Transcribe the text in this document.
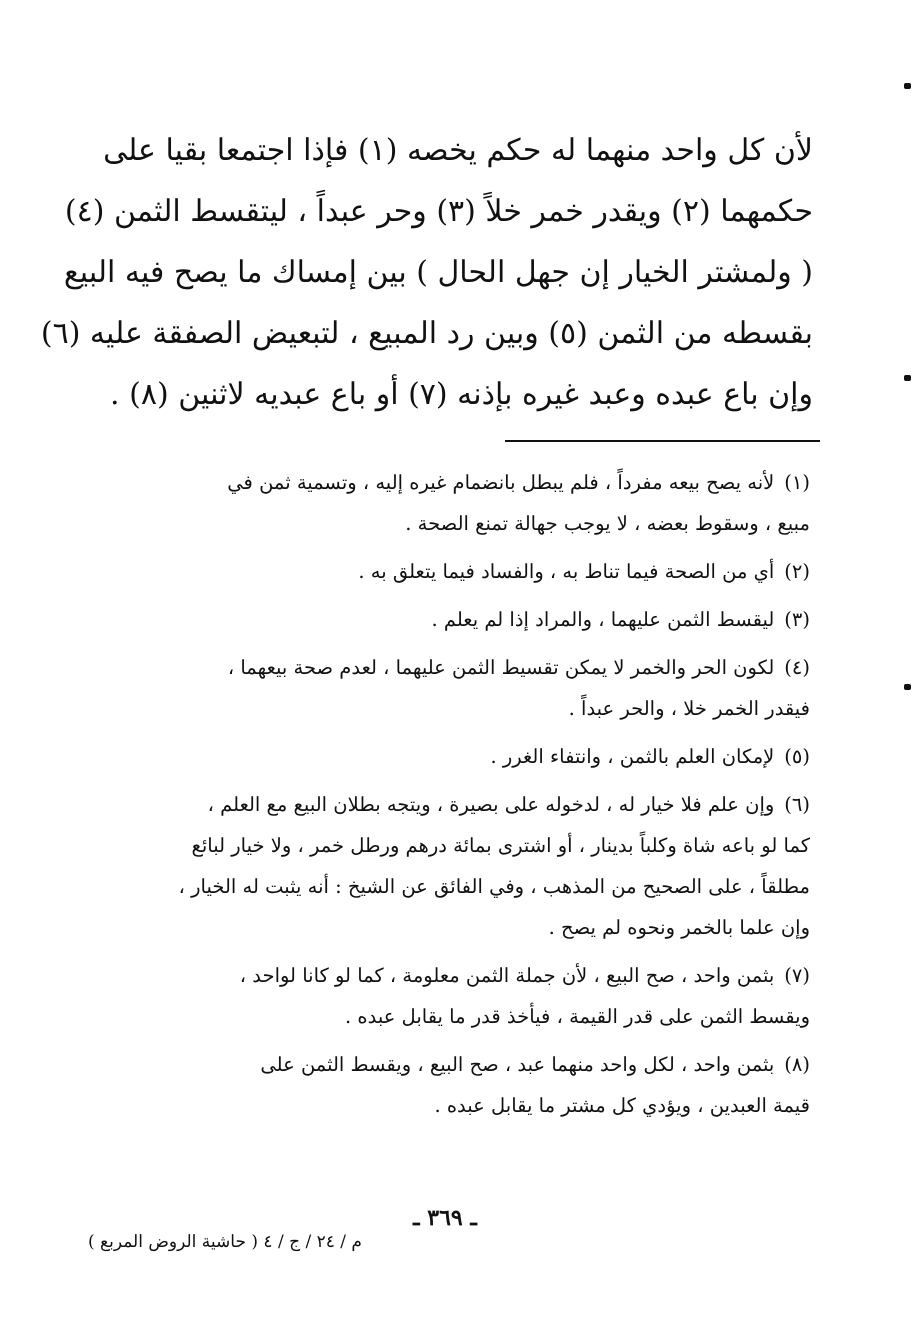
لأن كل واحد منهما له حكم يخصه (١) فإذا اجتمعا بقيا على
حكمهما (٢) ويقدر خمر خلاً (٣) وحر عبداً ، ليتقسط الثمن (٤)
( ولمشتر الخيار إن جهل الحال ) بين إمساك ما يصح فيه البيع
بقسطه من الثمن (٥) وبين رد المبيع ، لتبعيض الصفقة عليه (٦)
وإن باع عبده وعبد غيره بإذنه (٧) أو باع عبديه لاثنين (٨) .
(١)لأنه يصح بيعه مفرداً ، فلم يبطل بانضمام غيره إليه ، وتسمية ثمن في
مبيع ، وسقوط بعضه ، لا يوجب جهالة تمنع الصحة .
(٢)أي من الصحة فيما تناط به ، والفساد فيما يتعلق به .
(٣)ليقسط الثمن عليهما ، والمراد إذا لم يعلم .
(٤)لكون الحر والخمر لا يمكن تقسيط الثمن عليهما ، لعدم صحة بيعهما ،
فيقدر الخمر خلا ، والحر عبداً .
(٥)لإمكان العلم بالثمن ، وانتفاء الغرر .
(٦)وإن علم فلا خيار له ، لدخوله على بصيرة ، ويتجه بطلان البيع مع العلم ،
كما لو باعه شاة وكلباً بدينار ، أو اشترى بمائة درهم ورطل خمر ، ولا خيار لبائع
مطلقاً ، على الصحيح من المذهب ، وفي الفائق عن الشيخ : أنه يثبت له الخيار ،
وإن علما بالخمر ونحوه لم يصح .
(٧)بثمن واحد ، صح البيع ، لأن جملة الثمن معلومة ، كما لو كانا لواحد ،
ويقسط الثمن على قدر القيمة ، فيأخذ قدر ما يقابل عبده .
(٨)بثمن واحد ، لكل واحد منهما عبد ، صح البيع ، ويقسط الثمن على
قيمة العبدين ، ويؤدي كل مشتر ما يقابل عبده .
ـ ٣٦٩ ـ
م / ٢٤ / ج / ٤ ( حاشية الروض المربع )
